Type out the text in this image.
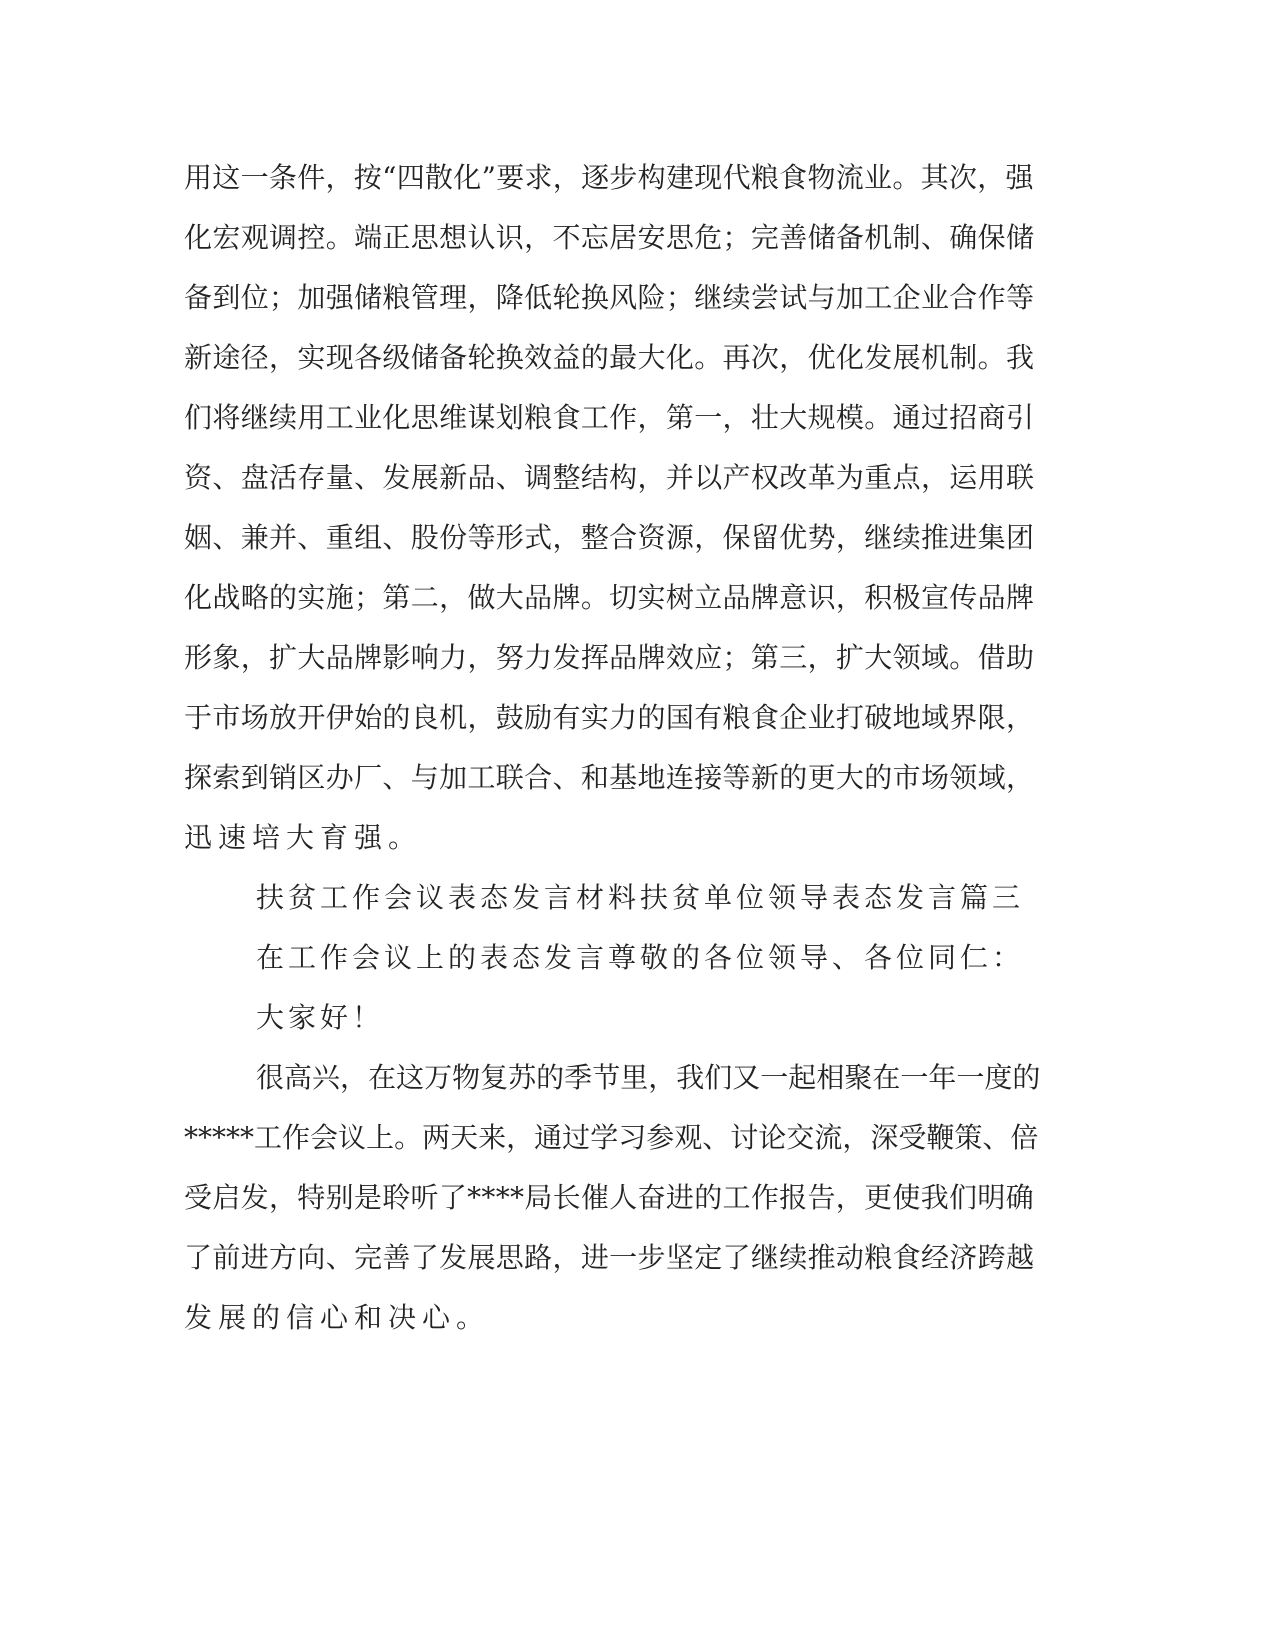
用 这 一 条 件 ， 按 “ 四 散 化 ” 要 求 ， 逐 步 构 建 现 代 粮 食 物 流 业 。 其 次 ， 强
化 宏 观 调 控 。 端 正 思 想 认 识 ， 不 忘 居 安 思 危 ； 完 善 储 备 机 制 、 确 保 储
备 到 位 ； 加 强 储 粮 管 理 ， 降 低 轮 换 风 险 ； 继 续 尝 试 与 加 工 企 业 合 作 等
新 途 径 ， 实 现 各 级 储 备 轮 换 效 益 的 最 大 化 。 再 次 ， 优 化 发 展 机 制 。 我
们 将 继 续 用 工 业 化 思 维 谋 划 粮 食 工 作 ， 第 一 ， 壮 大 规 模 。 通 过 招 商 引
资 、 盘 活 存 量 、 发 展 新 品 、 调 整 结 构 ， 并 以 产 权 改 革 为 重 点 ， 运 用 联
姻 、 兼 并 、 重 组 、 股 份 等 形 式 ， 整 合 资 源 ， 保 留 优 势 ， 继 续 推 进 集 团
化 战 略 的 实 施 ； 第 二 ， 做 大 品 牌 。 切 实 树 立 品 牌 意 识 ， 积 极 宣 传 品 牌
形 象 ， 扩 大 品 牌 影 响 力 ， 努 力 发 挥 品 牌 效 应 ； 第 三 ， 扩 大 领 域 。 借 助
于 市 场 放 开 伊 始 的 良 机 ， 鼓 励 有 实 力 的 国 有 粮 食 企 业 打 破 地 域 界 限 ，
探 索 到 销 区 办 厂 、 与 加 工 联 合 、 和 基 地 连 接 等 新 的 更 大 的 市 场 领 域 ，
迅速培大育强。
扶贫工作会议表态发言材料扶贫单位领导表态发言篇三
在工作会议上的表态发言尊敬的各位领导、各位同仁：
大家好！
很 高 兴 ， 在 这 万 物 复 苏 的 季 节 里 ， 我 们 又 一 起 相 聚 在 一 年 一 度 的
* * * * * 工 作 会 议 上 。 两 天 来 ， 通 过 学 习 参 观 、 讨 论 交 流 ， 深 受 鞭 策 、 倍
受 启 发 ， 特 别 是 聆 听 了 * * * * 局 长 催 人 奋 进 的 工 作 报 告 ， 更 使 我 们 明 确
了 前 进 方 向 、 完 善 了 发 展 思 路 ， 进 一 步 坚 定 了 继 续 推 动 粮 食 经 济 跨 越
发展的信心和决心。
